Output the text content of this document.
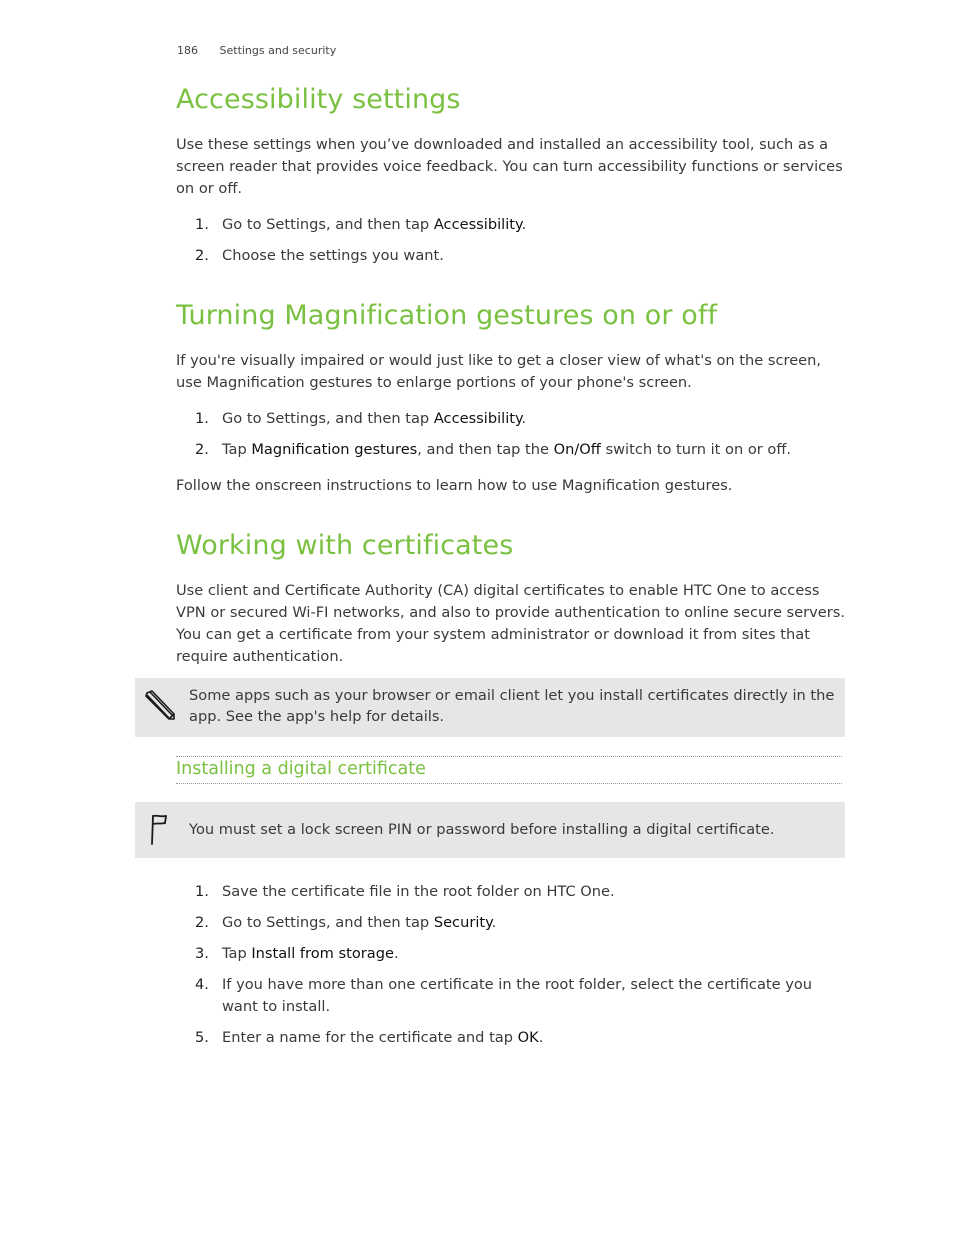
186 Settings and security
Accessibility settings

Use these settings when you’ve downloaded and installed an accessibility tool, such as a screen reader that provides voice feedback. You can turn accessibility functions or services on or off.

1. Go to Settings, and then tap Accessibility.
2. Choose the settings you want.
Turning Magnification gestures on or off

If you're visually impaired or would just like to get a closer view of what's on the screen, use Magnification gestures to enlarge portions of your phone's screen.

1. Go to Settings, and then tap Accessibility.
2. Tap Magnification gestures, and then tap the On/Off switch to turn it on or off.

Follow the onscreen instructions to learn how to use Magnification gestures.

Working with certificates

Use client and Certificate Authority (CA) digital certificates to enable HTC One to access VPN or secured Wi-FI networks, and also to provide authentication to online secure servers. You can get a certificate from your system administrator or download it from sites that require authentication.

Some apps such as your browser or email client let you install certificates directly in the app. See the app's help for details.
Installing a digital certificate
You must set a lock screen PIN or password before installing a digital certificate.
1. Save the certificate file in the root folder on HTC One.
2. Go to Settings, and then tap Security.
3. Tap Install from storage.
4. If you have more than one certificate in the root folder, select the certificate you want to install.
5. Enter a name for the certificate and tap OK.
